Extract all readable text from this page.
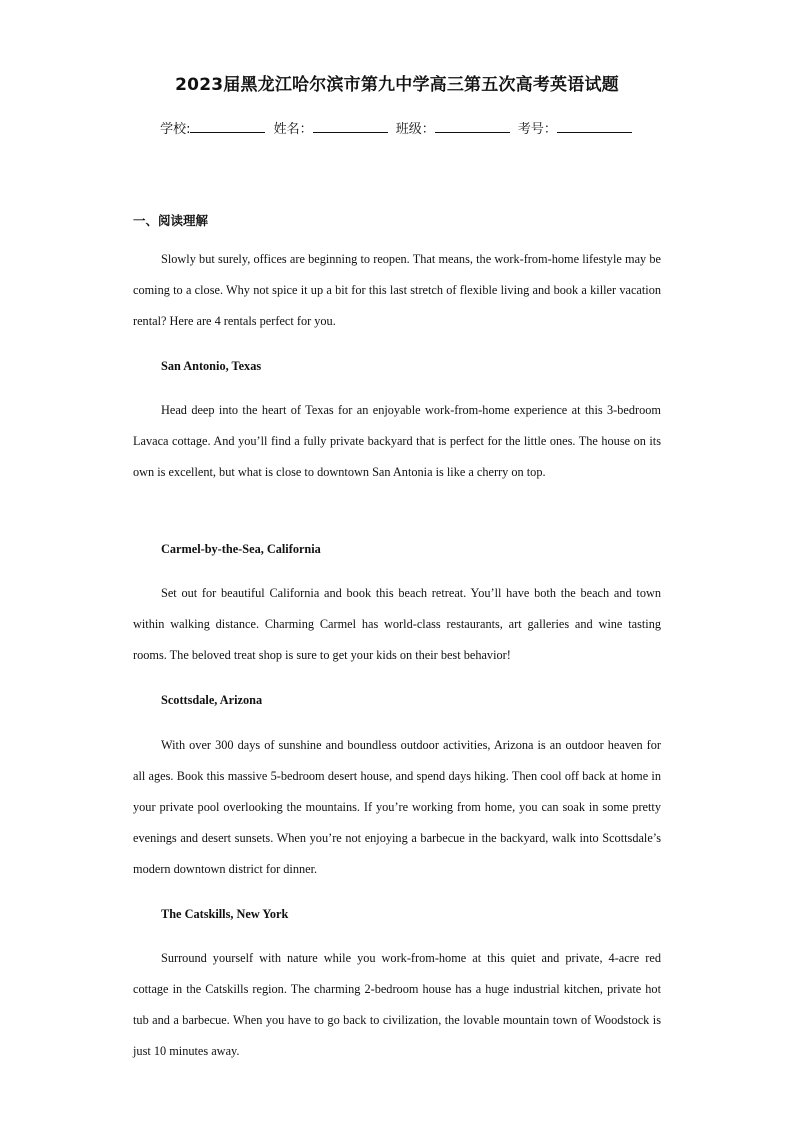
2023届黑龙江哈尔滨市第九中学高三第五次高考英语试题
学校:	姓名：	班级：	考号：
一、阅读理解
Slowly but surely, offices are beginning to reopen. That means, the work-from-home lifestyle may be coming to a close. Why not spice it up a bit for this last stretch of flexible living and book a killer vacation rental? Here are 4 rentals perfect for you.
San Antonio, Texas
Head deep into the heart of Texas for an enjoyable work-from-home experience at this 3-bedroom Lavaca cottage. And you’ll find a fully private backyard that is perfect for the little ones. The house on its own is excellent, but what is close to downtown San Antonia is like a cherry on top.
Carmel-by-the-Sea, California
Set out for beautiful California and book this beach retreat. You’ll have both the beach and town within walking distance. Charming Carmel has world-class restaurants, art galleries and wine tasting rooms. The beloved treat shop is sure to get your kids on their best behavior!
Scottsdale, Arizona
With over 300 days of sunshine and boundless outdoor activities, Arizona is an outdoor heaven for all ages. Book this massive 5-bedroom desert house, and spend days hiking. Then cool off back at home in your private pool overlooking the mountains. If you’re working from home, you can soak in some pretty evenings and desert sunsets. When you’re not enjoying a barbecue in the backyard, walk into Scottsdale’s modern downtown district for dinner.
The Catskills, New York
Surround yourself with nature while you work-from-home at this quiet and private, 4-acre red cottage in the Catskills region. The charming 2-bedroom house has a huge industrial kitchen, private hot tub and a barbecue. When you have to go back to civilization, the lovable mountain town of Woodstock is just 10 minutes away.
